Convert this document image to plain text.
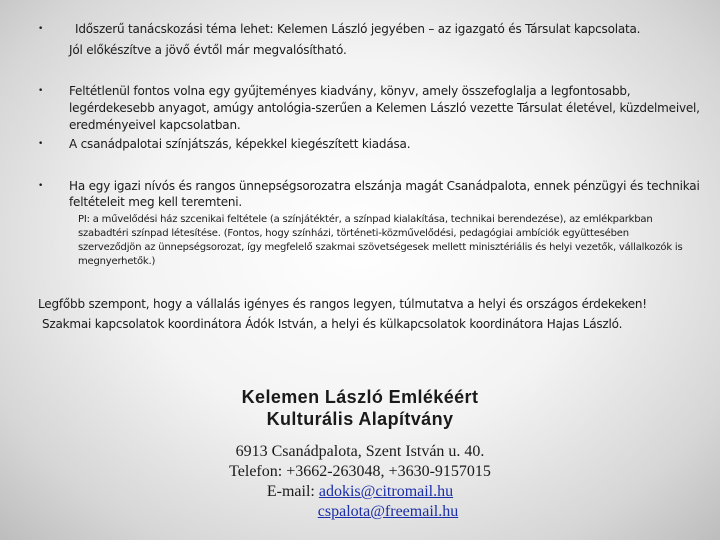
•	Időszerű tanácskozási téma lehet: Kelemen László jegyében – az igazgató és Társulat kapcsolata.
Jól előkészítve a jövő évtől már megvalósítható.
• Feltétlenül fontos volna egy gyűjteményes kiadvány, könyv, amely összefoglalja a legfontosabb,
legérdekesebb anyagot, amúgy antológia-szerűen a Kelemen László vezette Társulat életével, küzdelmeivel,
eredményeivel kapcsolatban.
• A csanádpalotai színjátszás, képekkel kiegészített kiadása.
• Ha egy igazi nívós és rangos ünnepségsorozatra elszánja magát Csanádpalota, ennek pénzügyi és technikai
feltételeit meg kell teremteni.
PI: a művelődési ház szcenikai feltétele (a színjátéktér, a színpad kialakítása, technikai berendezése), az emlékparkban
szabadtéri színpad létesítése. (Fontos, hogy színházi, történeti-közművelődési, pedagógiai ambíciók együttesében
szerveződjön az ünnepségsorozat, így megfelelő szakmai szövetségesek mellett minisztériális és helyi vezetők, vállalkozók is
megnyerhetők.)
Legfőbb szempont, hogy a vállalás igényes és rangos legyen, túlmutatva a helyi és országos érdekeken!
Szakmai kapcsolatok koordinátora Ádók István, a helyi és külkapcsolatok koordinátora Hajas László.
Kelemen László Emlékéért
Kulturális Alapítvány
6913 Csanádpalota, Szent István u. 40.
Telefon: +3662-263048, +3630-9157015
E-mail: adokis@citromail.hu
cspalota@freemail.hu
